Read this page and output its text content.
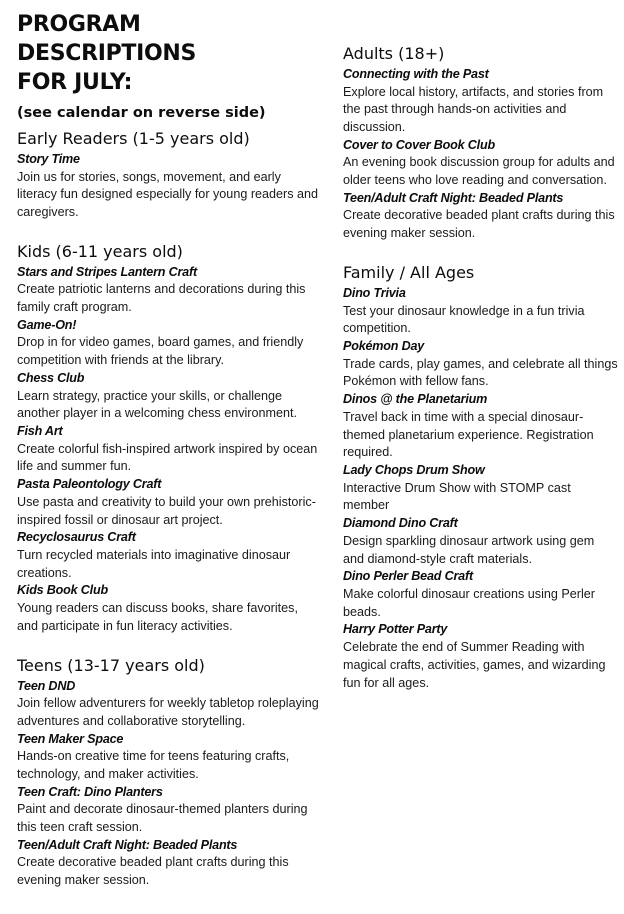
PROGRAM DESCRIPTIONS
FOR JULY:
(see calendar on reverse side)
Early Readers (1-5 years old)
Story Time
Join us for stories, songs, movement, and early literacy fun designed especially for young readers and caregivers.
Kids (6-11 years old)
Stars and Stripes Lantern Craft
Create patriotic lanterns and decorations during this family craft program.
Game-On!
Drop in for video games, board games, and friendly competition with friends at the library.
Chess Club
Learn strategy, practice your skills, or challenge another player in a welcoming chess environment.
Fish Art
Create colorful fish-inspired artwork inspired by ocean life and summer fun.
Pasta Paleontology Craft
Use pasta and creativity to build your own prehistoric-inspired fossil or dinosaur art project.
Recyclosaurus Craft
Turn recycled materials into imaginative dinosaur creations.
Kids Book Club
Young readers can discuss books, share favorites, and participate in fun literacy activities.
Teens (13-17 years old)
Teen DND
Join fellow adventurers for weekly tabletop roleplaying adventures and collaborative storytelling.
Teen Maker Space
Hands-on creative time for teens featuring crafts, technology, and maker activities.
Teen Craft: Dino Planters
Paint and decorate dinosaur-themed planters during this teen craft session.
Teen/Adult Craft Night: Beaded Plants
Create decorative beaded plant crafts during this evening maker session.
Adults (18+)
Connecting with the Past
Explore local history, artifacts, and stories from the past through hands-on activities and discussion.
Cover to Cover Book Club
An evening book discussion group for adults and older teens who love reading and conversation.
Teen/Adult Craft Night: Beaded Plants
Create decorative beaded plant crafts during this evening maker session.
Family / All Ages
Dino Trivia
Test your dinosaur knowledge in a fun trivia competition.
Pokémon Day
Trade cards, play games, and celebrate all things Pokémon with fellow fans.
Dinos @ the Planetarium
Travel back in time with a special dinosaur-themed planetarium experience. Registration required.
Lady Chops Drum Show
Interactive Drum Show with STOMP cast member
Diamond Dino Craft
Design sparkling dinosaur artwork using gem and diamond-style craft materials.
Dino Perler Bead Craft
Make colorful dinosaur creations using Perler beads.
Harry Potter Party
Celebrate the end of Summer Reading with magical crafts, activities, games, and wizarding fun for all ages.
